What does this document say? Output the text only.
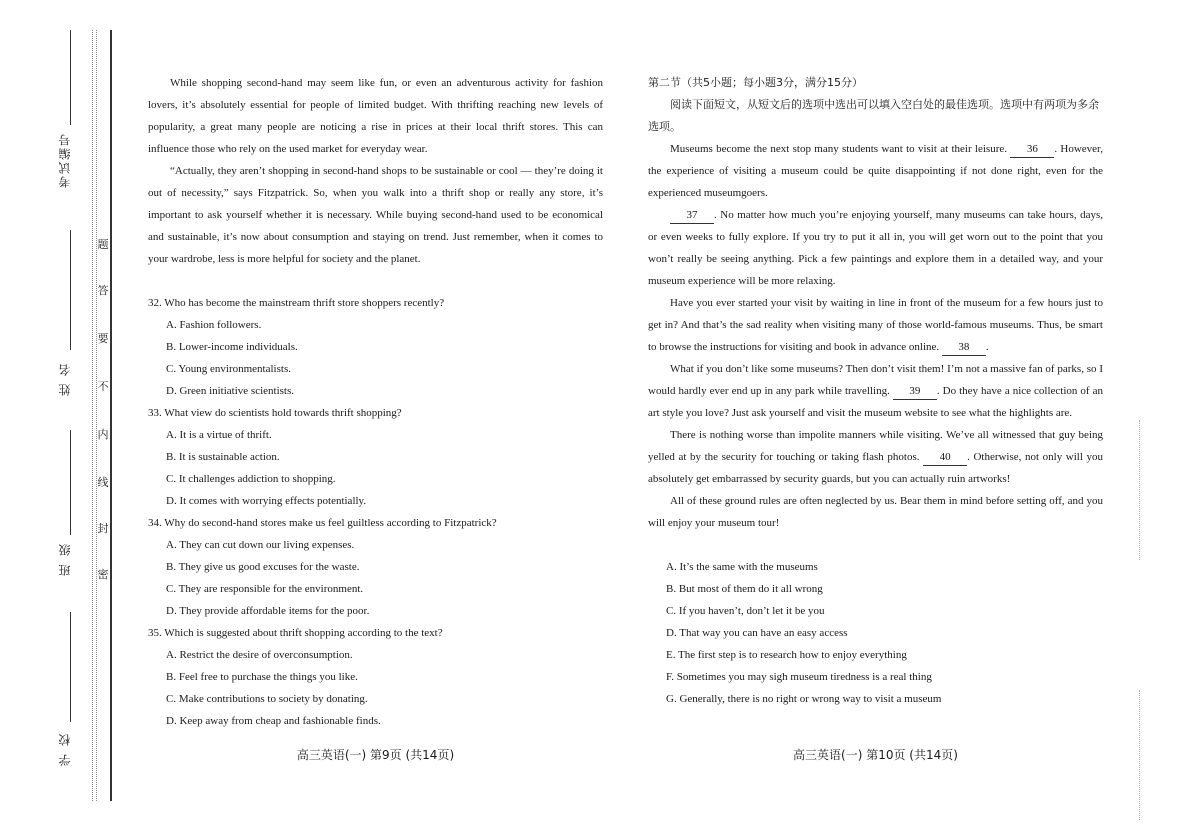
考试编号
姓 名
班 级
学 校
题
答
要
不
内
线
封
密

While shopping second-hand may seem like fun, or even an adventurous activity for fashion lovers, it’s absolutely essential for people of limited budget. With thrifting reaching new levels of popularity, a great many people are noticing a rise in prices at their local thrift stores. This can influence those who rely on the used market for everyday wear.

“Actually, they aren’t shopping in second-hand shops to be sustainable or cool — they’re doing it out of necessity,” says Fitzpatrick. So, when you walk into a thrift shop or really any store, it’s important to ask yourself whether it is necessary. While buying second-hand used to be economical and sustainable, it’s now about consumption and staying on trend. Just remember, when it comes to your wardrobe, less is more helpful for society and the planet.

32. Who has become the mainstream thrift store shoppers recently?

A. Fashion followers.

B. Lower-income individuals.

C. Young environmentalists.

D. Green initiative scientists.

33. What view do scientists hold towards thrift shopping?

A. It is a virtue of thrift.

B. It is sustainable action.

C. It challenges addiction to shopping.

D. It comes with worrying effects potentially.

34. Why do second-hand stores make us feel guiltless according to Fitzpatrick?

A. They can cut down our living expenses.

B. They give us good excuses for the waste.

C. They are responsible for the environment.

D. They provide affordable items for the poor.

35. Which is suggested about thrift shopping according to the text?

A. Restrict the desire of overconsumption.

B. Feel free to purchase the things you like.

C. Make contributions to society by donating.

D. Keep away from cheap and fashionable finds.

第二节（共5小题；每小题3分，满分15分）

阅读下面短文，从短文后的选项中选出可以填入空白处的最佳选项。选项中有两项为多余选项。

Museums become the next stop many students want to visit at their leisure. 36 . However, the experience of visiting a museum could be quite disappointing if not done right, even for the experienced museumgoers.

37 . No matter how much you’re enjoying yourself, many museums can take hours, days, or even weeks to fully explore. If you try to put it all in, you will get worn out to the point that you won’t really be seeing anything. Pick a few paintings and explore them in a detailed way, and your museum experience will be more relaxing.

Have you ever started your visit by waiting in line in front of the museum for a few hours just to get in? And that’s the sad reality when visiting many of those world-famous museums. Thus, be smart to browse the instructions for visiting and book in advance online. 38 .

What if you don’t like some museums? Then don’t visit them! I’m not a massive fan of parks, so I would hardly ever end up in any park while travelling. 39 . Do they have a nice collection of an art style you love? Just ask yourself and visit the museum website to see what the highlights are.

There is nothing worse than impolite manners while visiting. We’ve all witnessed that guy being yelled at by the security for touching or taking flash photos. 40 . Otherwise, not only will you absolutely get embarrassed by security guards, but you can actually ruin artworks!

All of these ground rules are often neglected by us. Bear them in mind before setting off, and you will enjoy your museum tour!

A. It’s the same with the museums

B. But most of them do it all wrong

C. If you haven’t, don’t let it be you

D. That way you can have an easy access

E. The first step is to research how to enjoy everything

F. Sometimes you may sigh museum tiredness is a real thing

G. Generally, there is no right or wrong way to visit a museum

高三英语(一) 第9页 (共14页)	高三英语(一) 第10页 (共14页)
